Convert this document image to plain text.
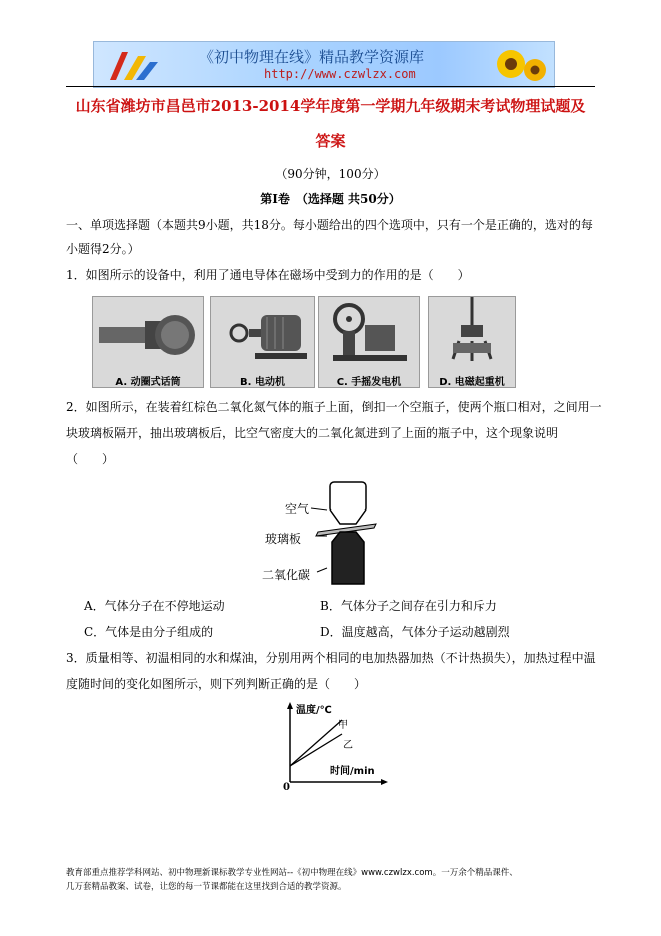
《初中物理在线》精品教学资源库
http://www.czwlzx.com
山东省潍坊市昌邑市2013-2014学年度第一学期九年级期末考试物理试题及
答案
（90分钟，100分）
第Ⅰ卷　（选择题 共50分）
一、单项选择题（本题共9小题，共18分。每小题给出的四个选项中，只有一个是正确的，选对的每
小题得2分。）
1．如图所示的设备中，利用了通电导体在磁场中受到力的作用的是（　　）
A. 动圈式话筒	B. 电动机	C. 手摇发电机	D. 电磁起重机
2．如图所示，在装着红棕色二氧化氮气体的瓶子上面，倒扣一个空瓶子，使两个瓶口相对，之间用一
块玻璃板隔开，抽出玻璃板后，比空气密度大的二氧化氮进到了上面的瓶子中，这个现象说明
（　　）
空气
玻璃板
二氧化碳
A．气体分子在不停地运动	B．气体分子之间存在引力和斥力
C．气体是由分子组成的	D．温度越高，气体分子运动越剧烈
3．质量相等、初温相同的水和煤油，分别用两个相同的电加热器加热（不计热损失），加热过程中温
度随时间的变化如图所示，则下列判断正确的是（　　）
温度/℃
甲
乙
时间/min
0
教育部重点推荐学科网站、初中物理新课标教学专业性网站--《初中物理在线》www.czwlzx.com。一万余个精品课件、
几万套精品教案、试卷，让您的每一节课都能在这里找到合适的教学资源。
